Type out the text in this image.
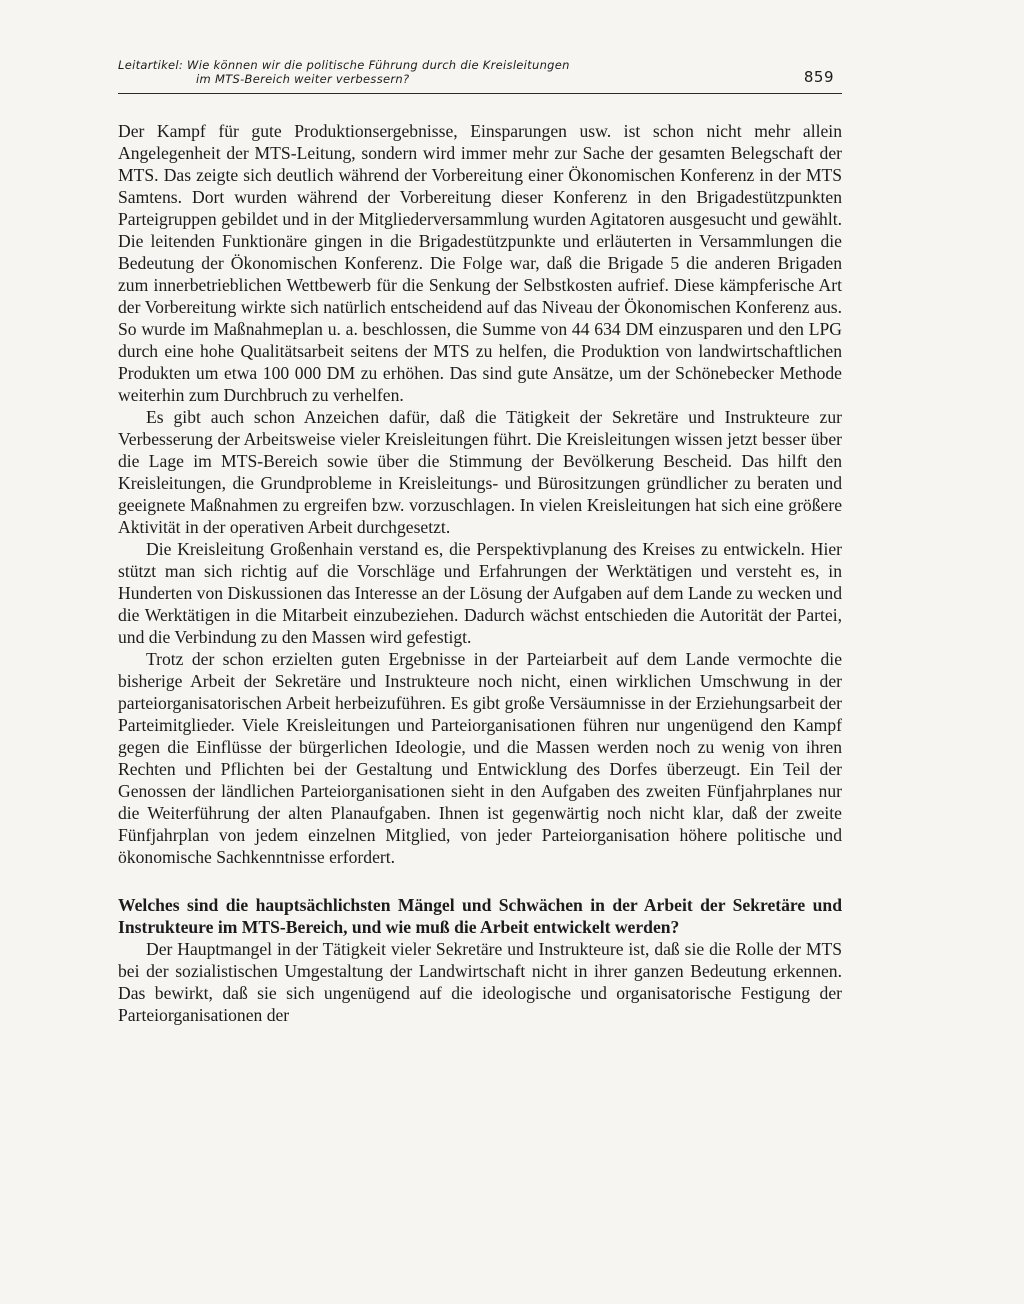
Leitartikel: Wie können wir die politische Führung durch die Kreisleitungen
im MTS-Bereich weiter verbessern?	859

Der Kampf für gute Produktionsergebnisse, Einsparungen usw. ist schon nicht mehr allein Angelegenheit der MTS-Leitung, sondern wird immer mehr zur Sache der gesamten Belegschaft der MTS. Das zeigte sich deutlich während der Vorbereitung einer Ökonomischen Konferenz in der MTS Samtens. Dort wurden während der Vorbereitung dieser Konferenz in den Brigadestützpunkten Parteigruppen gebildet und in der Mitgliederversammlung wurden Agitatoren ausgesucht und gewählt. Die leitenden Funktionäre gingen in die Brigadestützpunkte und erläuterten in Versammlungen die Bedeutung der Ökonomischen Konferenz. Die Folge war, daß die Brigade 5 die anderen Brigaden zum innerbetrieblichen Wettbewerb für die Senkung der Selbstkosten aufrief. Diese kämpferische Art der Vorbereitung wirkte sich natürlich entscheidend auf das Niveau der Ökonomischen Konferenz aus. So wurde im Maßnahmeplan u. a. beschlossen, die Summe von 44 634 DM einzusparen und den LPG durch eine hohe Qualitätsarbeit seitens der MTS zu helfen, die Produktion von landwirtschaftlichen Produkten um etwa 100 000 DM zu erhöhen. Das sind gute Ansätze, um der Schönebecker Methode weiterhin zum Durchbruch zu verhelfen.

Es gibt auch schon Anzeichen dafür, daß die Tätigkeit der Sekretäre und Instrukteure zur Verbesserung der Arbeitsweise vieler Kreisleitungen führt. Die Kreisleitungen wissen jetzt besser über die Lage im MTS-Bereich sowie über die Stimmung der Bevölkerung Bescheid. Das hilft den Kreisleitungen, die Grundprobleme in Kreisleitungs- und Bürositzungen gründlicher zu beraten und geeignete Maßnahmen zu ergreifen bzw. vorzuschlagen. In vielen Kreisleitungen hat sich eine größere Aktivität in der operativen Arbeit durchgesetzt.

Die Kreisleitung Großenhain verstand es, die Perspektivplanung des Kreises zu entwickeln. Hier stützt man sich richtig auf die Vorschläge und Erfahrungen der Werktätigen und versteht es, in Hunderten von Diskussionen das Interesse an der Lösung der Aufgaben auf dem Lande zu wecken und die Werktätigen in die Mitarbeit einzubeziehen. Dadurch wächst entschieden die Autorität der Partei, und die Verbindung zu den Massen wird gefestigt.

Trotz der schon erzielten guten Ergebnisse in der Parteiarbeit auf dem Lande vermochte die bisherige Arbeit der Sekretäre und Instrukteure noch nicht, einen wirklichen Umschwung in der parteiorganisatorischen Arbeit herbeizuführen. Es gibt große Versäumnisse in der Erziehungsarbeit der Parteimitglieder. Viele Kreisleitungen und Parteiorganisationen führen nur ungenügend den Kampf gegen die Einflüsse der bürgerlichen Ideologie, und die Massen werden noch zu wenig von ihren Rechten und Pflichten bei der Gestaltung und Entwicklung des Dorfes überzeugt. Ein Teil der Genossen der ländlichen Parteiorganisationen sieht in den Aufgaben des zweiten Fünfjahrplanes nur die Weiterführung der alten Planaufgaben. Ihnen ist gegenwärtig noch nicht klar, daß der zweite Fünfjahrplan von jedem einzelnen Mitglied, von jeder Parteiorganisation höhere politische und ökonomische Sachkenntnisse erfordert.

Welches sind die hauptsächlichsten Mängel und Schwächen in der Arbeit der Sekretäre und Instrukteure im MTS-Bereich, und wie muß die Arbeit entwickelt werden?

Der Hauptmangel in der Tätigkeit vieler Sekretäre und Instrukteure ist, daß sie die Rolle der MTS bei der sozialistischen Umgestaltung der Landwirtschaft nicht in ihrer ganzen Bedeutung erkennen. Das bewirkt, daß sie sich ungenügend auf die ideologische und organisatorische Festigung der Parteiorganisationen der
